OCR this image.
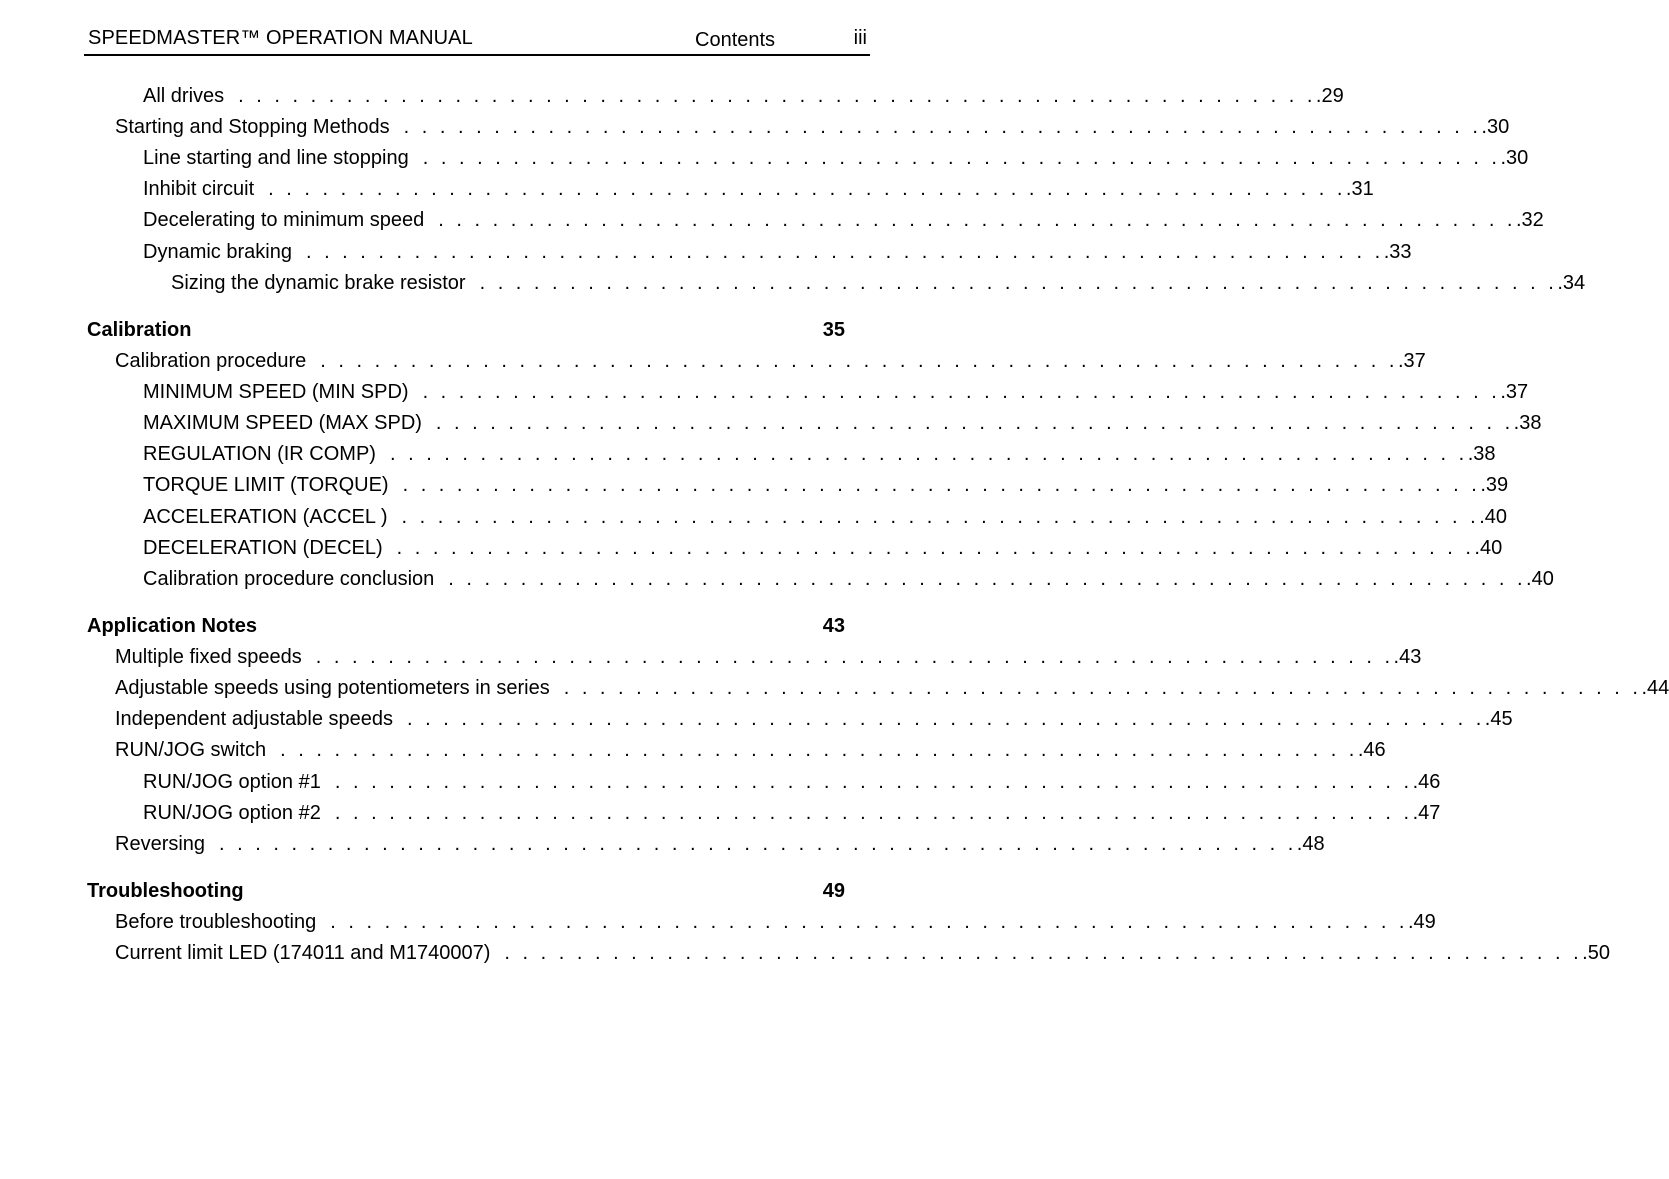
SPEEDMASTER™ OPERATION MANUAL	Contents	iii
All drives . . . . . . . . . . . . . . . . . . . . . . . . . . . . . . . . . . . . . . . . . . . . . . . . . . . . . . . . . . . . .29
Starting and Stopping Methods . . . . . . . . . . . . . . . . . . . . . . . . . . . . . . . . . . . . . . . . . . . . . . . . . . . . . . . . . . . . .30
Line starting and line stopping . . . . . . . . . . . . . . . . . . . . . . . . . . . . . . . . . . . . . . . . . . . . . . . . . . . . . . . . . . . . .30
Inhibit circuit . . . . . . . . . . . . . . . . . . . . . . . . . . . . . . . . . . . . . . . . . . . . . . . . . . . . . . . . . . . . .31
Decelerating to minimum speed . . . . . . . . . . . . . . . . . . . . . . . . . . . . . . . . . . . . . . . . . . . . . . . . . . . . . . . . . . . . .32
Dynamic braking . . . . . . . . . . . . . . . . . . . . . . . . . . . . . . . . . . . . . . . . . . . . . . . . . . . . . . . . . . . . .33
Sizing the dynamic brake resistor . . . . . . . . . . . . . . . . . . . . . . . . . . . . . . . . . . . . . . . . . . . . . . . . . . . . . . . . . . . . .34
Calibration	35
Calibration procedure . . . . . . . . . . . . . . . . . . . . . . . . . . . . . . . . . . . . . . . . . . . . . . . . . . . . . . . . . . . . .37
MINIMUM SPEED (MIN SPD) . . . . . . . . . . . . . . . . . . . . . . . . . . . . . . . . . . . . . . . . . . . . . . . . . . . . . . . . . . . . .37
MAXIMUM SPEED (MAX SPD) . . . . . . . . . . . . . . . . . . . . . . . . . . . . . . . . . . . . . . . . . . . . . . . . . . . . . . . . . . . . .38
REGULATION (IR COMP) . . . . . . . . . . . . . . . . . . . . . . . . . . . . . . . . . . . . . . . . . . . . . . . . . . . . . . . . . . . . .38
TORQUE LIMIT (TORQUE) . . . . . . . . . . . . . . . . . . . . . . . . . . . . . . . . . . . . . . . . . . . . . . . . . . . . . . . . . . . . .39
ACCELERATION (ACCEL ) . . . . . . . . . . . . . . . . . . . . . . . . . . . . . . . . . . . . . . . . . . . . . . . . . . . . . . . . . . . . .40
DECELERATION (DECEL) . . . . . . . . . . . . . . . . . . . . . . . . . . . . . . . . . . . . . . . . . . . . . . . . . . . . . . . . . . . . .40
Calibration procedure conclusion . . . . . . . . . . . . . . . . . . . . . . . . . . . . . . . . . . . . . . . . . . . . . . . . . . . . . . . . . . . . .40
Application Notes	43
Multiple fixed speeds . . . . . . . . . . . . . . . . . . . . . . . . . . . . . . . . . . . . . . . . . . . . . . . . . . . . . . . . . . . . .43
Adjustable speeds using potentiometers in series . . . . . . . . . . . . . . . . . . . . . . . . . . . . . . . . . . . . . . . . . . . . . . . . . . . . . . . . . . . . .44
Independent adjustable speeds . . . . . . . . . . . . . . . . . . . . . . . . . . . . . . . . . . . . . . . . . . . . . . . . . . . . . . . . . . . . .45
RUN/JOG switch . . . . . . . . . . . . . . . . . . . . . . . . . . . . . . . . . . . . . . . . . . . . . . . . . . . . . . . . . . . . .46
RUN/JOG option #1 . . . . . . . . . . . . . . . . . . . . . . . . . . . . . . . . . . . . . . . . . . . . . . . . . . . . . . . . . . . . .46
RUN/JOG option #2 . . . . . . . . . . . . . . . . . . . . . . . . . . . . . . . . . . . . . . . . . . . . . . . . . . . . . . . . . . . . .47
Reversing . . . . . . . . . . . . . . . . . . . . . . . . . . . . . . . . . . . . . . . . . . . . . . . . . . . . . . . . . . . . .48
Troubleshooting	49
Before troubleshooting . . . . . . . . . . . . . . . . . . . . . . . . . . . . . . . . . . . . . . . . . . . . . . . . . . . . . . . . . . . . .49
Current limit LED (174011 and M1740007) . . . . . . . . . . . . . . . . . . . . . . . . . . . . . . . . . . . . . . . . . . . . . . . . . . . . . . . . . . . . .50
